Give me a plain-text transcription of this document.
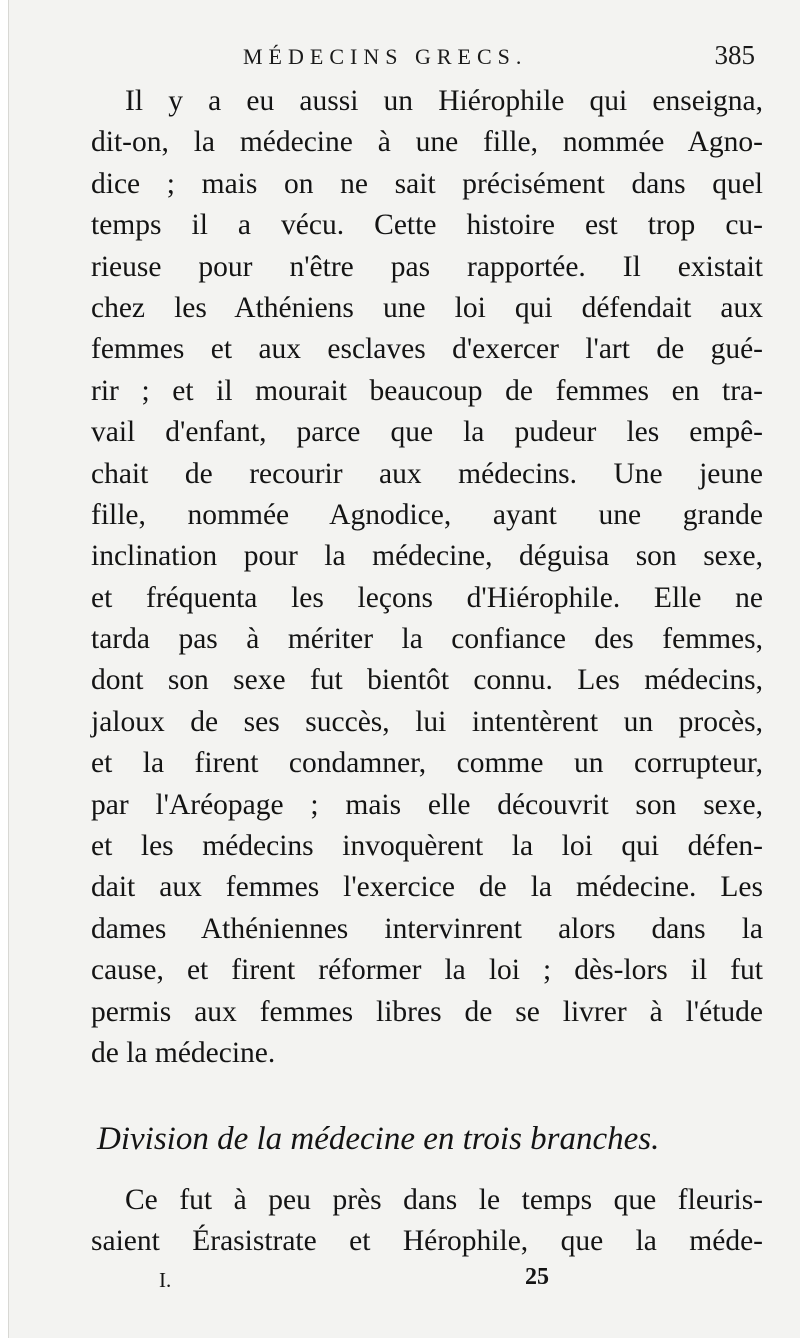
MÉDECINS GRECS.	385
Il y a eu aussi un Hiérophile qui enseigna,
dit-on, la médecine à une fille, nommée Agno-
dice ; mais on ne sait précisément dans quel
temps il a vécu. Cette histoire est trop cu-
rieuse pour n'être pas rapportée. Il existait
chez les Athéniens une loi qui défendait aux
femmes et aux esclaves d'exercer l'art de gué-
rir ; et il mourait beaucoup de femmes en tra-
vail d'enfant, parce que la pudeur les empê-
chait de recourir aux médecins. Une jeune
fille, nommée Agnodice, ayant une grande
inclination pour la médecine, déguisa son sexe,
et fréquenta les leçons d'Hiérophile. Elle ne
tarda pas à mériter la confiance des femmes,
dont son sexe fut bientôt connu. Les médecins,
jaloux de ses succès, lui intentèrent un procès,
et la firent condamner, comme un corrupteur,
par l'Aréopage ; mais elle découvrit son sexe,
et les médecins invoquèrent la loi qui défen-
dait aux femmes l'exercice de la médecine. Les
dames Athéniennes intervinrent alors dans la
cause, et firent réformer la loi ; dès-lors il fut
permis aux femmes libres de se livrer à l'étude
de la médecine.
Division de la médecine en trois branches.
Ce fut à peu près dans le temps que fleuris-
saient Érasistrate et Hérophile, que la méde-
I.	25
